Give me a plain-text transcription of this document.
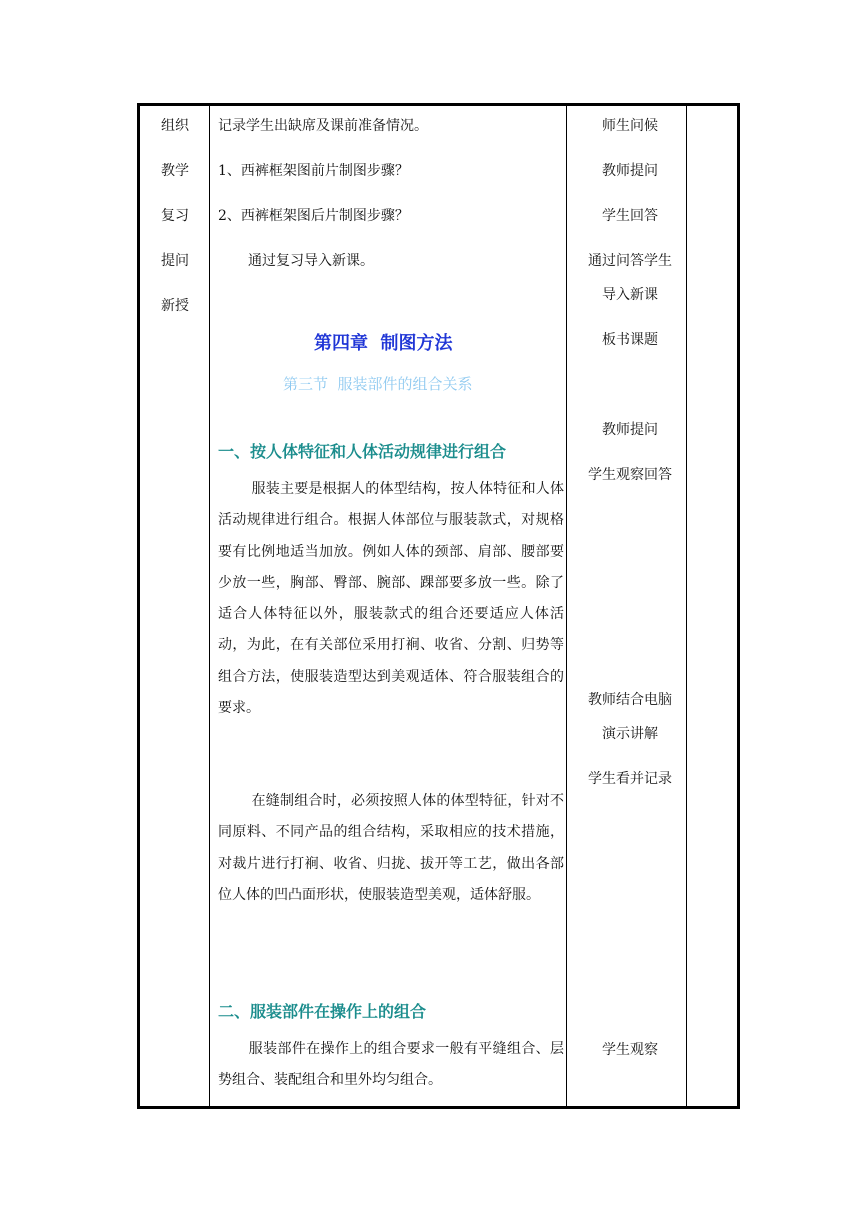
组织
教学
复习
提问
新授
记录学生出缺席及课前准备情况。
1、西裤框架图前片制图步骤？
2、西裤框架图后片制图步骤？
通过复习导入新课。
第四章  制图方法
第三节  服装部件的组合关系
一、按人体特征和人体活动规律进行组合
服装主要是根据人的体型结构，按人体特征和人体活动规律进行组合。根据人体部位与服装款式，对规格要有比例地适当加放。例如人体的颈部、肩部、腰部要少放一些，胸部、臀部、腕部、踝部要多放一些。除了适合人体特征以外，服装款式的组合还要适应人体活动，为此，在有关部位采用打裥、收省、分割、归势等组合方法，使服装造型达到美观适体、符合服装组合的要求。
在缝制组合时，必须按照人体的体型特征，针对不同原料、不同产品的组合结构，采取相应的技术措施，对裁片进行打裥、收省、归拢、拔开等工艺，做出各部位人体的凹凸面形状，使服装造型美观，适体舒服。
二、服装部件在操作上的组合
服装部件在操作上的组合要求一般有平缝组合、层势组合、装配组合和里外均匀组合。
师生问候
教师提问
学生回答
通过问答学生
导入新课
板书课题
教师提问
学生观察回答
教师结合电脑
演示讲解
学生看并记录
学生观察
